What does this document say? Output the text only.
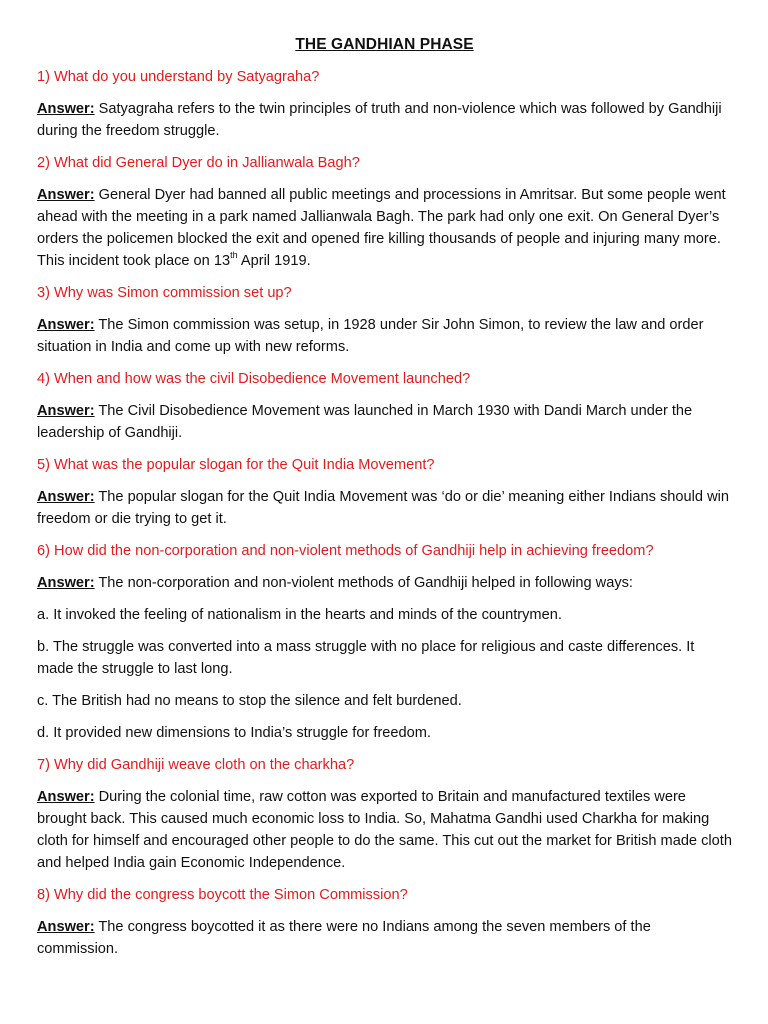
THE GANDHIAN PHASE

1) What do you understand by Satyagraha?

Answer: Satyagraha refers to the twin principles of truth and non-violence which was followed by Gandhiji during the freedom struggle.

2) What did General Dyer do in Jallianwala Bagh?

Answer: General Dyer had banned all public meetings and processions in Amritsar. But some people went ahead with the meeting in a park named Jallianwala Bagh. The park had only one exit. On General Dyer’s orders the policemen blocked the exit and opened fire killing thousands of people and injuring many more. This incident took place on 13th April 1919.

3) Why was Simon commission set up?

Answer: The Simon commission was setup, in 1928 under Sir John Simon, to review the law and order situation in India and come up with new reforms.

4) When and how was the civil Disobedience Movement launched?

Answer: The Civil Disobedience Movement was launched in March 1930 with Dandi March under the leadership of Gandhiji.

5) What was the popular slogan for the Quit India Movement?

Answer: The popular slogan for the Quit India Movement was ‘do or die’ meaning either Indians should win freedom or die trying to get it.

6) How did the non-corporation and non-violent methods of Gandhiji help in achieving freedom?

Answer: The non-corporation and non-violent methods of Gandhiji helped in following ways:

a. It invoked the feeling of nationalism in the hearts and minds of the countrymen.

b. The struggle was converted into a mass struggle with no place for religious and caste differences. It made the struggle to last long.

c. The British had no means to stop the silence and felt burdened.

d. It provided new dimensions to India’s struggle for freedom.

7) Why did Gandhiji weave cloth on the charkha?

Answer: During the colonial time, raw cotton was exported to Britain and manufactured textiles were brought back. This caused much economic loss to India. So, Mahatma Gandhi used Charkha for making cloth for himself and encouraged other people to do the same. This cut out the market for British made cloth and helped India gain Economic Independence.

8) Why did the congress boycott the Simon Commission?

Answer: The congress boycotted it as there were no Indians among the seven members of the commission.
